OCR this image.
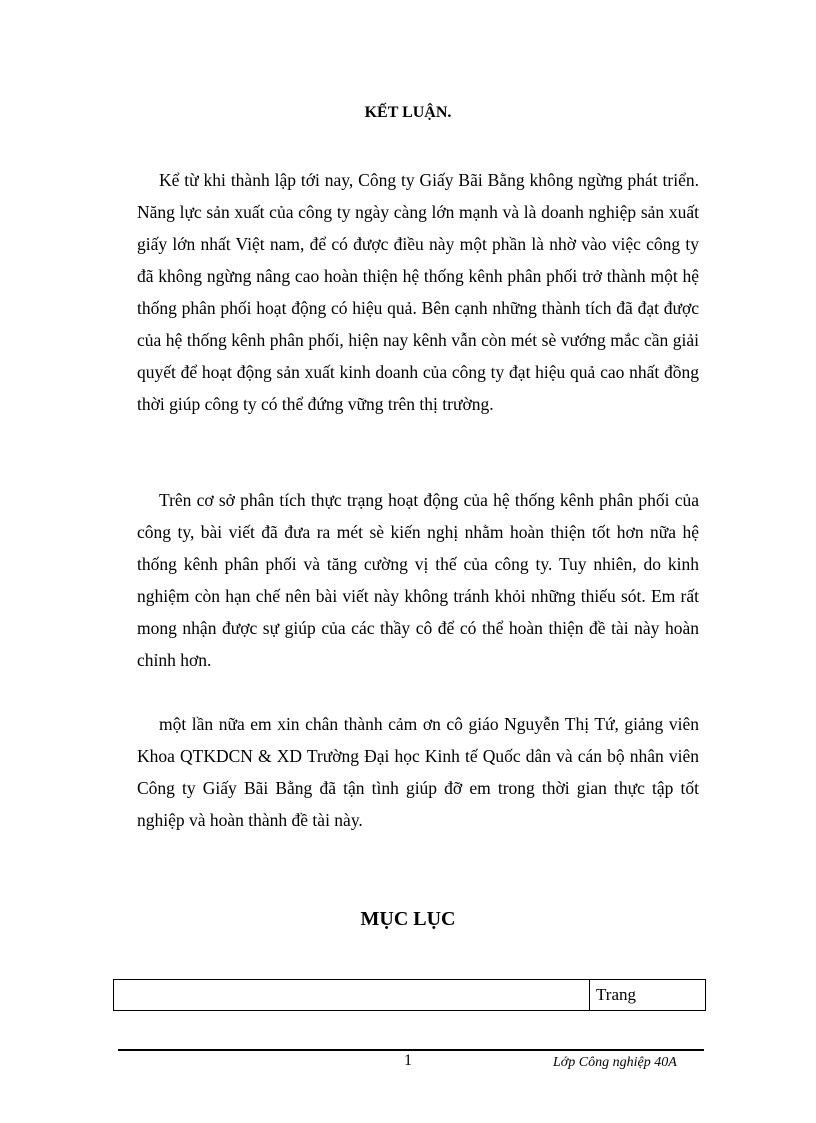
KẾT LUẬN.

Kể từ khi thành lập tới nay, Công ty Giấy Bãi Bằng không ngừng phát triển. Năng lực sản xuất của công ty ngày càng lớn mạnh và là doanh nghiệp sản xuất giấy lớn nhất Việt nam, để có được điều này một phần là nhờ vào việc công ty đã không ngừng nâng cao hoàn thiện hệ thống kênh phân phối trở thành một hệ thống phân phối hoạt động có hiệu quả. Bên cạnh những thành tích đã đạt được của hệ thống kênh phân phối, hiện nay kênh vẫn còn mét sè vướng mắc cần giải quyết để hoạt động sản xuất kinh doanh của công ty đạt hiệu quả cao nhất đồng thời giúp công ty có thể đứng vững trên thị trường.

Trên cơ sở phân tích thực trạng hoạt động của hệ thống kênh phân phối của công ty, bài viết đã đưa ra mét sè kiến nghị nhằm hoàn thiện tốt hơn nữa hệ thống kênh phân phối và tăng cường vị thế của công ty. Tuy nhiên, do kinh nghiệm còn hạn chế nên bài viết này không tránh khỏi những thiếu sót. Em rất mong nhận được sự giúp của các thầy cô để có thể hoàn thiện đề tài này hoàn chỉnh hơn.

một lần nữa em xin chân thành cảm ơn cô giáo Nguyễn Thị Tứ, giảng viên Khoa QTKDCN & XD Trường Đại học Kinh tế Quốc dân và cán bộ nhân viên Công ty Giấy Bãi Bằng đã tận tình giúp đỡ em trong thời gian thực tập tốt nghiệp và hoàn thành đề tài này.

MỤC LỤC
	Trang
1	Lớp Công nghiệp 40A
